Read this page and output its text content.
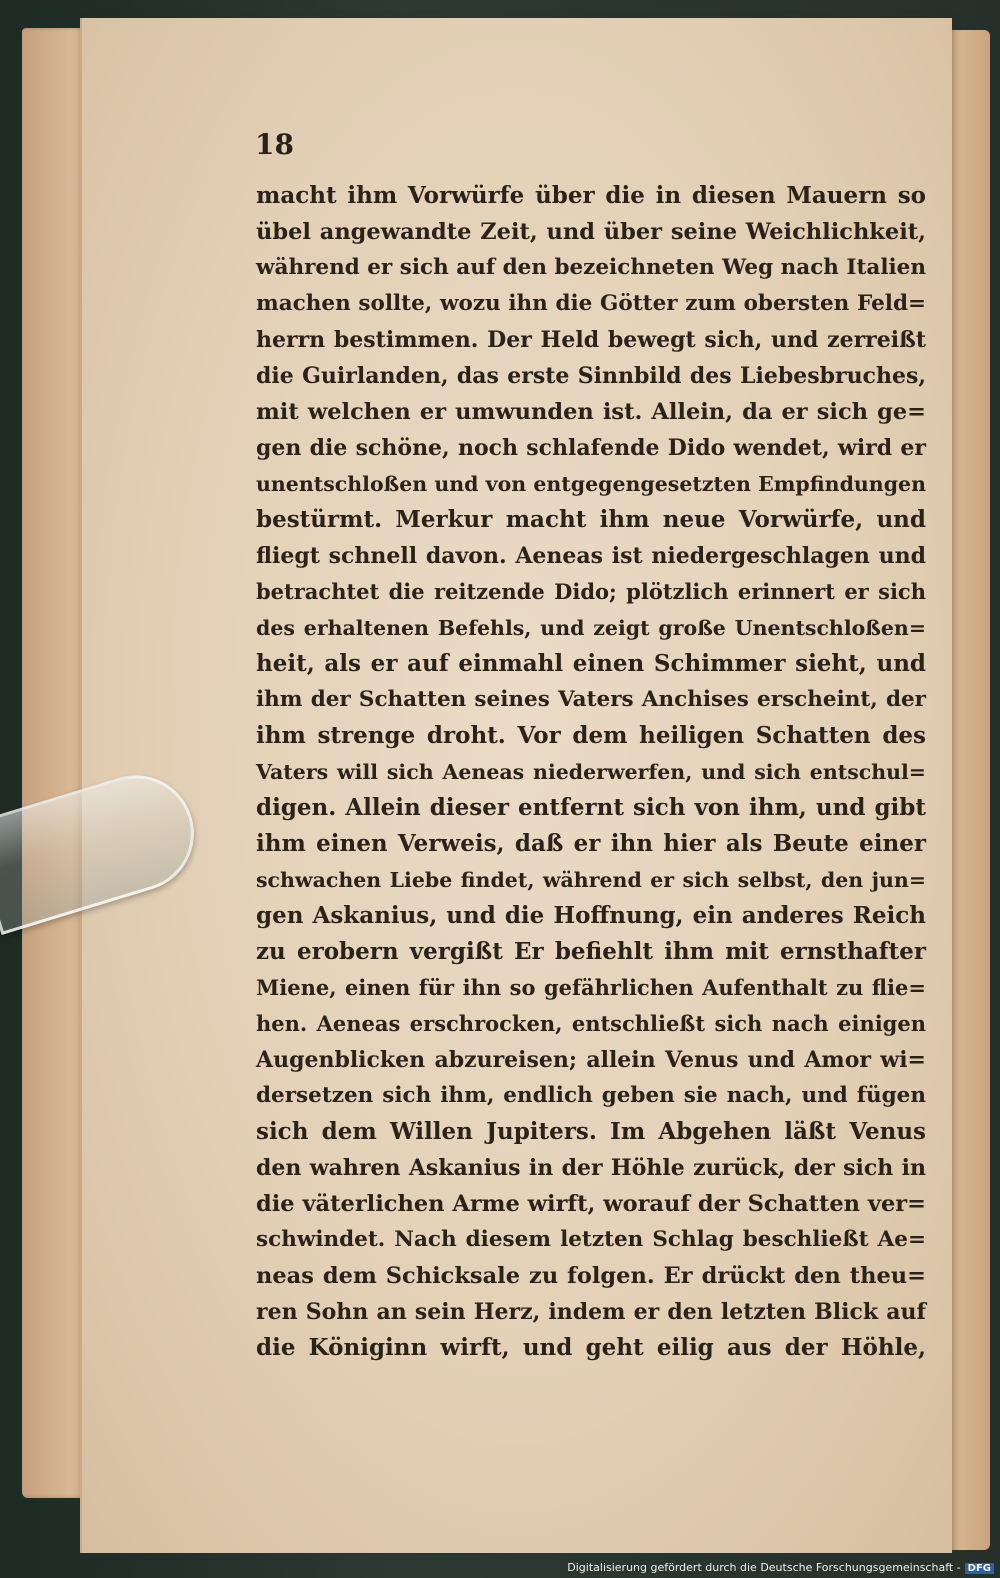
18
macht ihm Vorwürfe über die in diesen Mauern so
übel angewandte Zeit, und über seine Weichlichkeit,
während er sich auf den bezeichneten Weg nach Italien
machen sollte, wozu ihn die Götter zum obersten Feld=
herrn bestimmen. Der Held bewegt sich, und zerreißt
die Guirlanden, das erste Sinnbild des Liebesbruches,
mit welchen er umwunden ist. Allein, da er sich ge=
gen die schöne, noch schlafende Dido wendet, wird er
unentschloßen und von entgegengesetzten Empfindungen
bestürmt. Merkur macht ihm neue Vorwürfe, und
fliegt schnell davon. Aeneas ist niedergeschlagen und
betrachtet die reitzende Dido; plötzlich erinnert er sich
des erhaltenen Befehls, und zeigt große Unentschloßen=
heit, als er auf einmahl einen Schimmer sieht, und
ihm der Schatten seines Vaters Anchises erscheint, der
ihm strenge droht. Vor dem heiligen Schatten des
Vaters will sich Aeneas niederwerfen, und sich entschul=
digen. Allein dieser entfernt sich von ihm, und gibt
ihm einen Verweis, daß er ihn hier als Beute einer
schwachen Liebe findet, während er sich selbst, den jun=
gen Askanius, und die Hoffnung, ein anderes Reich
zu erobern vergißt Er befiehlt ihm mit ernsthafter
Miene, einen für ihn so gefährlichen Aufenthalt zu flie=
hen. Aeneas erschrocken, entschließt sich nach einigen
Augenblicken abzureisen; allein Venus und Amor wi=
dersetzen sich ihm, endlich geben sie nach, und fügen
sich dem Willen Jupiters. Im Abgehen läßt Venus
den wahren Askanius in der Höhle zurück, der sich in
die väterlichen Arme wirft, worauf der Schatten ver=
schwindet. Nach diesem letzten Schlag beschließt Ae=
neas dem Schicksale zu folgen. Er drückt den theu=
ren Sohn an sein Herz, indem er den letzten Blick auf
die Königinn wirft, und geht eilig aus der Höhle,
Digitalisierung gefördert durch die Deutsche Forschungsgemeinschaft - DFG
